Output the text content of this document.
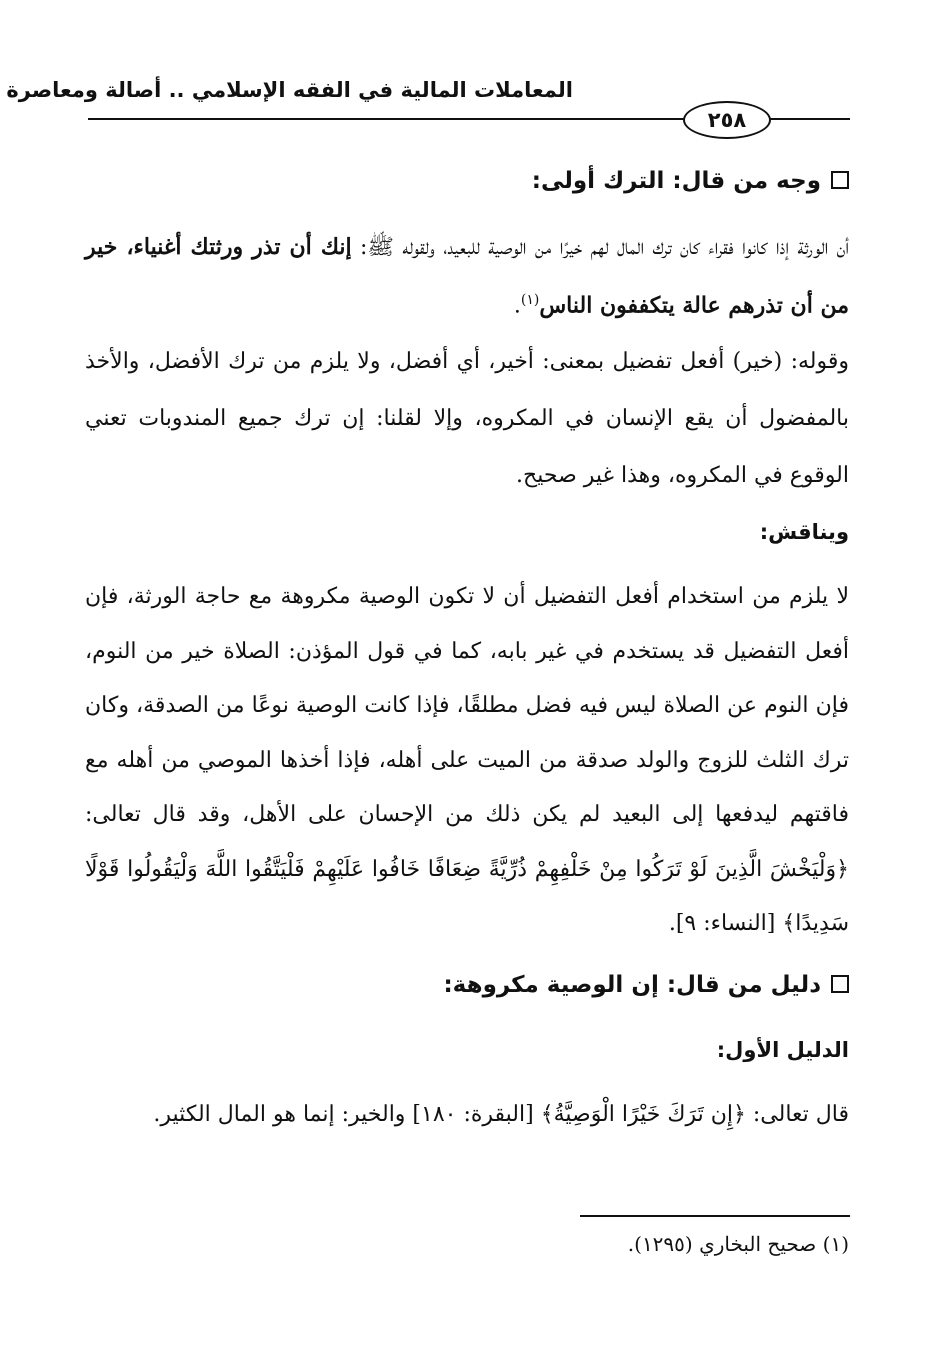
المعاملات المالية في الفقه الإسلامي .. أصالة ومعاصرة
٢٥٨
وجه من قال: الترك أولى:
أن الورثة إذا كانوا فقراء كان ترك المال لهم خيرًا من الوصية للبعيد، ولقوله ﷺ: إنك أن تذر ورثتك أغنياء، خير من أن تذرهم عالة يتكففون الناس$^{(١)}$.
وقوله: (خير) أفعل تفضيل بمعنى: أخير، أي أفضل، ولا يلزم من ترك الأفضل، والأخذ بالمفضول أن يقع الإنسان في المكروه، وإلا لقلنا: إن ترك جميع المندوبات تعني الوقوع في المكروه، وهذا غير صحيح.
ويناقش:
لا يلزم من استخدام أفعل التفضيل أن لا تكون الوصية مكروهة مع حاجة الورثة، فإن أفعل التفضيل قد يستخدم في غير بابه، كما في قول المؤذن: الصلاة خير من النوم، فإن النوم عن الصلاة ليس فيه فضل مطلقًا، فإذا كانت الوصية نوعًا من الصدقة، وكان ترك الثلث للزوج والولد صدقة من الميت على أهله، فإذا أخذها الموصي من أهله مع فاقتهم ليدفعها إلى البعيد لم يكن ذلك من الإحسان على الأهل، وقد قال تعالى: ﴿وَلْيَخْشَ الَّذِينَ لَوْ تَرَكُوا مِنْ خَلْفِهِمْ ذُرِّيَّةً ضِعَافًا خَافُوا عَلَيْهِمْ فَلْيَتَّقُوا اللَّهَ وَلْيَقُولُوا قَوْلًا سَدِيدًا﴾ [النساء: ٩].
دليل من قال: إن الوصية مكروهة:
الدليل الأول:
قال تعالى: ﴿إِن تَرَكَ خَيْرًا الْوَصِيَّةُ﴾ [البقرة: ١٨٠] والخير: إنما هو المال الكثير.
(١) صحيح البخاري (١٢٩٥).
